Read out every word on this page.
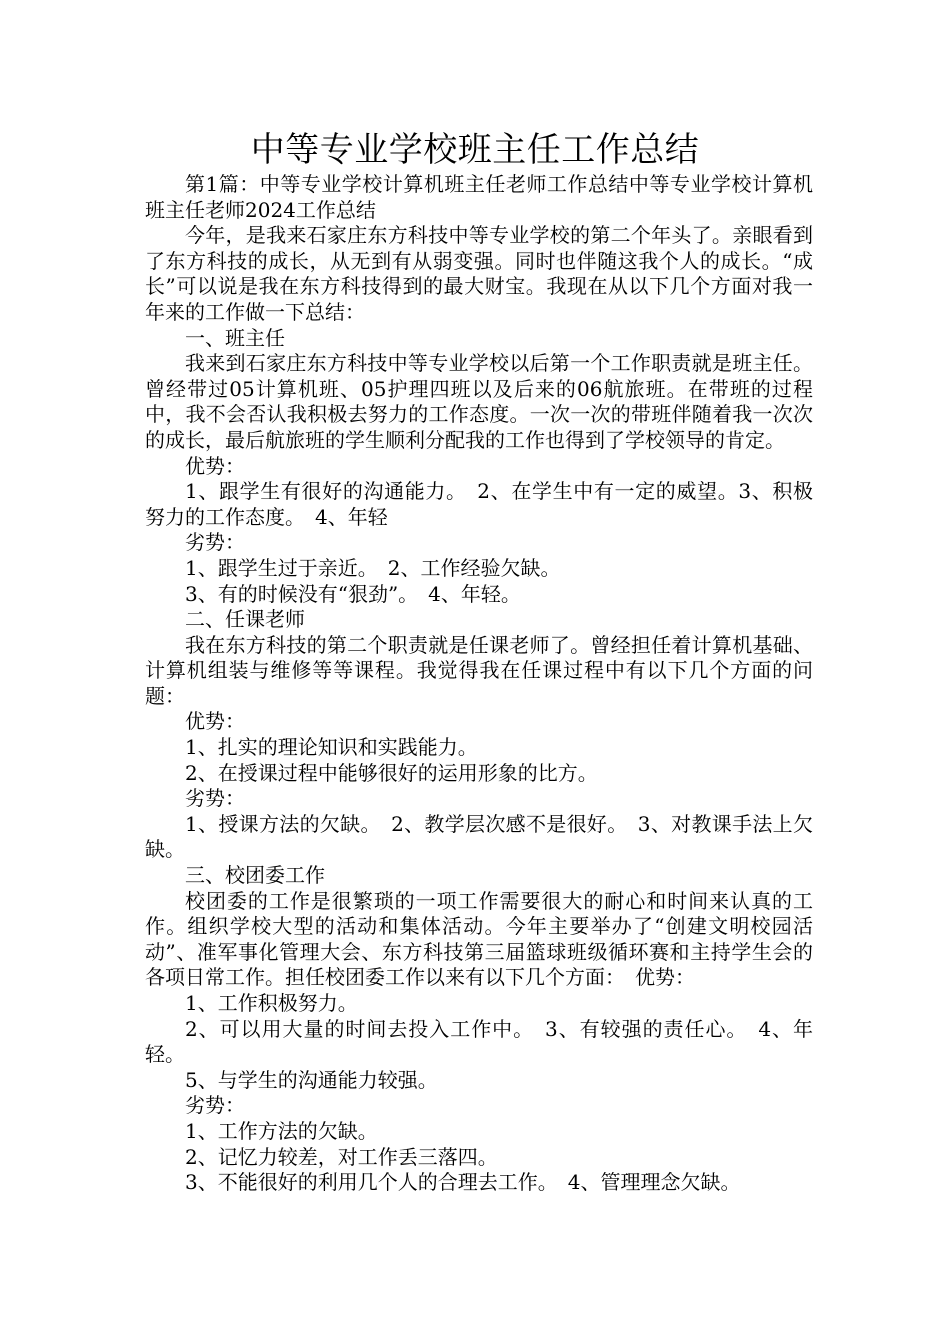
中等专业学校班主任工作总结

第1篇：中等专业学校计算机班主任老师工作总结中等专业学校计算机班主任老师2024工作总结

今年，是我来石家庄东方科技中等专业学校的第二个年头了。亲眼看到了东方科技的成长，从无到有从弱变强。同时也伴随这我个人的成长。“成长”可以说是我在东方科技得到的最大财宝。我现在从以下几个方面对我一年来的工作做一下总结：

一、班主任

我来到石家庄东方科技中等专业学校以后第一个工作职责就是班主任。曾经带过05计算机班、05护理四班以及后来的06航旅班。在带班的过程中，我不会否认我积极去努力的工作态度。一次一次的带班伴随着我一次次的成长，最后航旅班的学生顺利分配我的工作也得到了学校领导的肯定。

优势：

1、跟学生有很好的沟通能力。　2、在学生中有一定的威望。3、积极努力的工作态度。　4、年轻

劣势：

1、跟学生过于亲近。　2、工作经验欠缺。

3、有的时候没有“狠劲”。　4、年轻。

二、任课老师

我在东方科技的第二个职责就是任课老师了。曾经担任着计算机基础、计算机组装与维修等等课程。我觉得我在任课过程中有以下几个方面的问题：

优势：

1、扎实的理论知识和实践能力。

2、在授课过程中能够很好的运用形象的比方。

劣势：

1、授课方法的欠缺。　2、教学层次感不是很好。　3、对教课手法上欠缺。

三、校团委工作

校团委的工作是很繁琐的一项工作需要很大的耐心和时间来认真的工作。组织学校大型的活动和集体活动。今年主要举办了“创建文明校园活动”、准军事化管理大会、东方科技第三届篮球班级循环赛和主持学生会的各项日常工作。担任校团委工作以来有以下几个方面：　优势：

1、工作积极努力。

2、可以用大量的时间去投入工作中。　3、有较强的责任心。　4、年轻。

5、与学生的沟通能力较强。

劣势：

1、工作方法的欠缺。

2、记忆力较差，对工作丢三落四。

3、不能很好的利用几个人的合理去工作。　4、管理理念欠缺。
